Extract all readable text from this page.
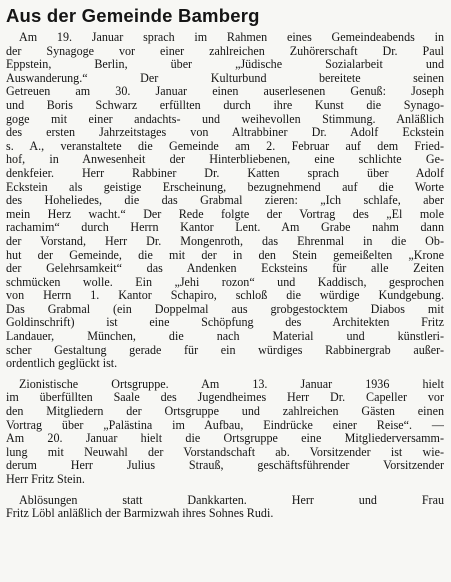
Aus der Gemeinde Bamberg
Am 19. Januar sprach im Rahmen eines Gemeindeabends in
der Synagoge vor einer zahlreichen Zuhörerschaft Dr. Paul
Eppstein, Berlin, über „Jüdische Sozialarbeit und
Auswanderung.“ Der Kulturbund bereitete seinen
Getreuen am 30. Januar einen auserlesenen Genuß: Joseph
und Boris Schwarz erfüllten durch ihre Kunst die Synago-
goge mit einer andachts- und weihevollen Stimmung. Anläßlich
des ersten Jahrzeitstages von Altrabbiner Dr. Adolf Eckstein
s. A., veranstaltete die Gemeinde am 2. Februar auf dem Fried-
hof, in Anwesenheit der Hinterbliebenen, eine schlichte Ge-
denkfeier. Herr Rabbiner Dr. Katten sprach über Adolf
Eckstein als geistige Erscheinung, bezugnehmend auf die Worte
des Hoheliedes, die das Grabmal zieren: „Ich schlafe, aber
mein Herz wacht.“ Der Rede folgte der Vortrag des „El mole
rachamim“ durch Herrn Kantor Lent. Am Grabe nahm dann
der Vorstand, Herr Dr. Mongenroth, das Ehrenmal in die Ob-
hut der Gemeinde, die mit der in den Stein gemeißelten „Krone
der Gelehrsamkeit“ das Andenken Ecksteins für alle Zeiten
schmücken wolle. Ein „Jehi rozon“ und Kaddisch, gesprochen
von Herrn 1. Kantor Schapiro, schloß die würdige Kundgebung.
Das Grabmal (ein Doppelmal aus grobgestocktem Diabos mit
Goldinschrift) ist eine Schöpfung des Architekten Fritz
Landauer, München, die nach Material und künstleri-
scher Gestaltung gerade für ein würdiges Rabbinergrab außer-
ordentlich geglückt ist.
Zionistische Ortsgruppe. Am 13. Januar 1936 hielt
im überfüllten Saale des Jugendheimes Herr Dr. Capeller vor
den Mitgliedern der Ortsgruppe und zahlreichen Gästen einen
Vortrag über „Palästina im Aufbau, Eindrücke einer Reise“. —
Am 20. Januar hielt die Ortsgruppe eine Mitgliederversamm-
lung mit Neuwahl der Vorstandschaft ab. Vorsitzender ist wie-
derum Herr Julius Strauß, geschäftsführender Vorsitzender
Herr Fritz Stein.
Ablösungen statt Dankkarten. Herr und Frau
Fritz Löbl anläßlich der Barmizwah ihres Sohnes Rudi.
